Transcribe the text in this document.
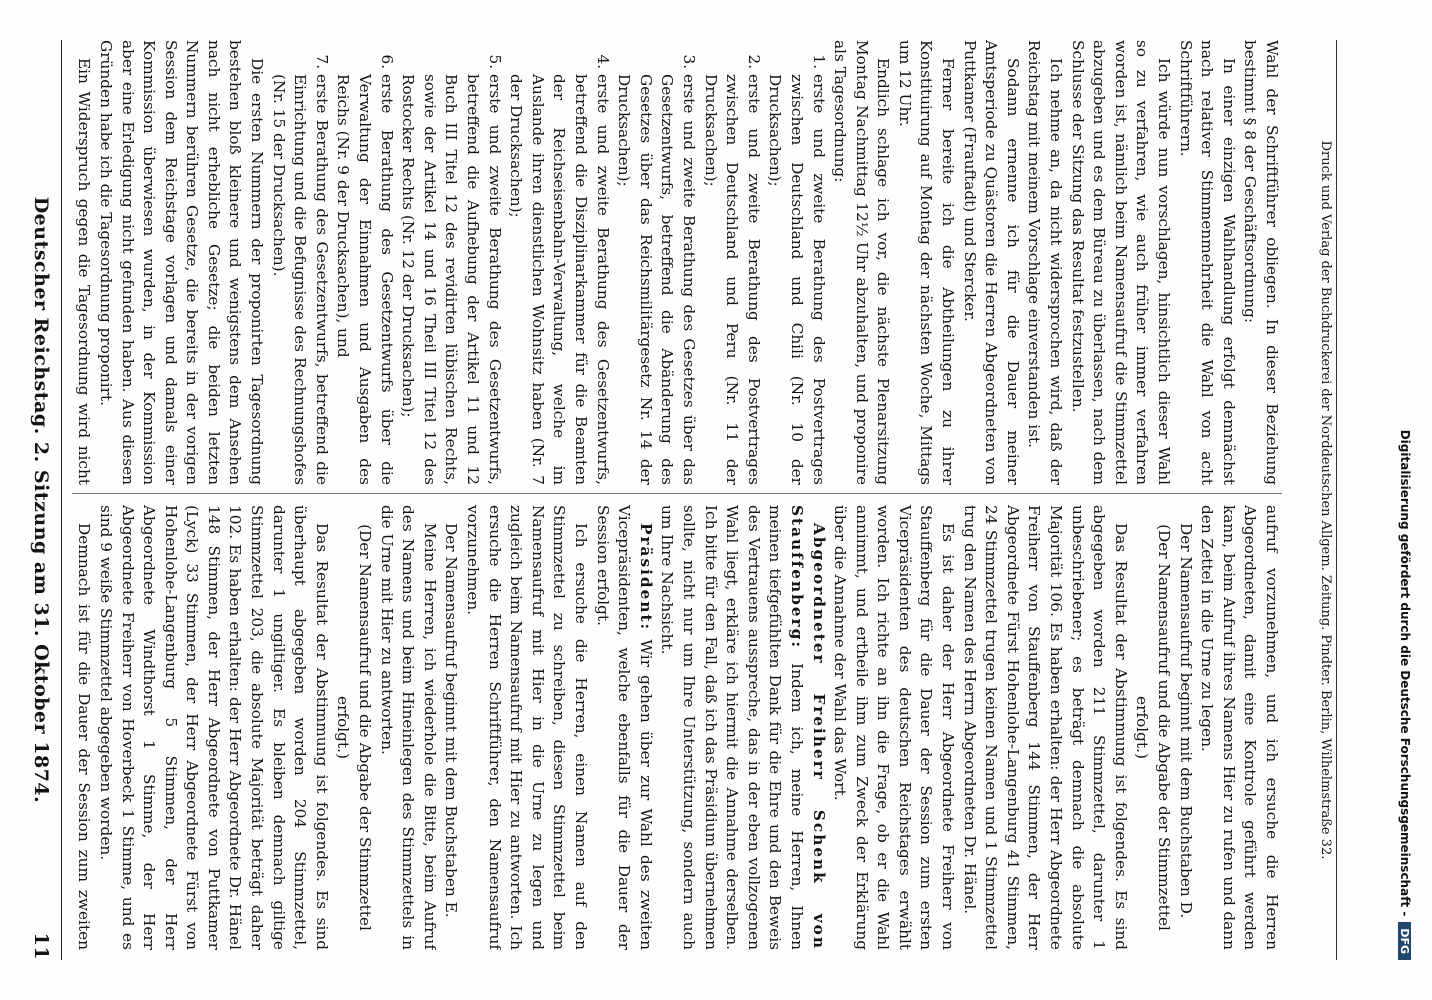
Deutscher Reichstag. 2. Sitzung am 31. Oktober 1874.
11	aufruf vorzunehmen, und ich ersuche die Herren Abgeordneten, damit eine Kontrole geführt werden kann, beim Aufruf ihres Namens Hier zu rufen und dann den Zettel in die Urne zu legen.

Der Namensaufruf beginnt mit dem Buchstaben D.

(Der Namensaufruf und die Abgabe der Stimmzettel erfolgt.)

Das Resultat der Abstimmung ist folgendes. Es sind abgegeben worden 211 Stimmzettel, darunter 1 unbeschriebener; es beträgt demnach die absolute Majorität 106. Es haben erhalten: der Herr Abgeordnete Freiherr von Stauffenberg 144 Stimmen, der Herr Abgeordnete Fürst Hohenlohe-Langenburg 41 Stimmen, 24 Stimmzettel trugen keinen Namen und 1 Stimmzettel trug den Namen des Herrn Abgeordneten Dr. Hänel.

Es ist daher der Herr Abgeordnete Freiherr von Stauffenberg für die Dauer der Session zum ersten Vicepräsidenten des deutschen Reichstages erwählt worden. Ich richte an ihn die Frage, ob er die Wahl annimmt, und ertheile ihm zum Zweck der Erklärung über die Annahme der Wahl das Wort.

Abgeordneter Freiherr Schenk von Stauffenberg: Indem ich, meine Herren, Ihnen meinen tiefgefühlten Dank für die Ehre und den Beweis des Vertrauens ausspreche, das in der eben vollzogenen Wahl liegt, erkläre ich hiermit die Annahme derselben. Ich bitte für den Fall, daß ich das Präsidium übernehmen sollte, nicht nur um Ihre Unterstützung, sondern auch um Ihre Nachsicht.

Präsident: Wir gehen über zur Wahl des zweiten Vicepräsidenten, welche ebenfalls für die Dauer der Session erfolgt.

Ich ersuche die Herren, einen Namen auf den Stimmzettel zu schreiben, diesen Stimmzettel beim Namensaufruf mit Hier in die Urne zu legen und zugleich beim Namensaufruf mit Hier zu antworten. Ich ersuche die Herren Schriftführer, den Namensaufruf vorzunehmen.

Der Namensaufruf beginnt mit dem Buchstaben E.

Meine Herren, ich wiederhole die Bitte, beim Aufruf des Namens und beim Hineinlegen des Stimmzettels in die Urne mit Hier zu antworten.

(Der Namensaufruf und die Abgabe der Stimmzettel erfolgt.)

Das Resultat der Abstimmung ist folgendes. Es sind überhaupt abgegeben worden 204 Stimmzettel, darunter 1 ungiltiger. Es bleiben demnach giltige Stimmzettel 203, die absolute Majorität beträgt daher 102. Es haben erhalten: der Herr Abgeordnete Dr. Hänel 148 Stimmen, der Herr Abgeordnete von Puttkamer (Lyck) 33 Stimmen, der Herr Abgeordnete Fürst von Hohenlohe-Langenburg 5 Stimmen, der Herr Abgeordnete Windthorst 1 Stimme, der Herr Abgeordnete Freiherr von Hoverbeck 1 Stimme, und es sind 9 weiße Stimmzettel abgegeben worden.

Demnach ist für die Dauer der Session zum zweiten

Wahl der Schriftführer obliegen. In dieser Beziehung bestimmt § 8 der Geschäftsordnung:

In einer einzigen Wahlhandlung erfolgt demnächst nach relativer Stimmenmehrheit die Wahl von acht Schriftführern.

Ich würde nun vorschlagen, hinsichtlich dieser Wahl so zu verfahren, wie auch früher immer verfahren worden ist, nämlich beim Namensaufruf die Stimmzettel abzugeben und es dem Büreau zu überlassen, nach dem Schlusse der Sitzung das Resultat festzustellen.

Ich nehme an, da nicht widersprochen wird, daß der Reichstag mit meinem Vorschlage einverstanden ist.

Sodann ernenne ich für die Dauer meiner Amtsperiode zu Quästoren die Herren Abgeordneten von Puttkamer (Frauftadt) und Stercker.

Ferner bereite ich die Abtheilungen zu ihrer Konstituirung auf Montag der nächsten Woche, Mittags um 12 Uhr.

Endlich schlage ich vor, die nächste Plenarsitzung Montag Nachmittag 12½ Uhr abzuhalten, und proponire als Tagesordnung:

1. erste und zweite Berathung des Postvertrages zwischen Deutschland und Chili (Nr. 10 der Drucksachen);
2. erste und zweite Berathung des Postvertrages zwischen Deutschland und Peru (Nr. 11 der Drucksachen);
3. erste und zweite Berathung des Gesetzes über das Gesetzentwurfs, betreffend die Abänderung des Gesetzes über das Reichsmilitärgesetz Nr. 14 der Drucksachen);
4. erste und zweite Berathung des Gesetzentwurfs, betreffend die Disziplinarkammer für die Beamten der Reichseisenbahn-Verwaltung, welche im Auslande ihren dienstlichen Wohnsitz haben (Nr. 7 der Drucksachen);
5. erste und zweite Berathung des Gesetzentwurfs, betreffend die Aufhebung der Artikel 11 und 12 Buch III Titel 12 des revidirten lübischen Rechts, sowie der Artikel 14 und 16 Theil III Titel 12 des Rostocker Rechts (Nr. 12 der Drucksachen);
6. erste Berathung des Gesetzentwurfs über die Verwaltung der Einnahmen und Ausgaben des Reichs (Nr. 9 der Drucksachen), und
7. erste Berathung des Gesetzentwurfs, betreffend die Einrichtung und die Befugnisse des Rechnungshofes (Nr. 15 der Drucksachen).

Die ersten Nummern der proponirten Tagesordnung bestehen bloß kleinere und wenigstens dem Ansehen nach nicht erhebliche Gesetze; die beiden letzten Nummern berühren Gesetze, die bereits in der vorigen Session dem Reichstage vorlagen und damals einer Kommission überwiesen wurden, in der Kommission aber eine Erledigung nicht gefunden haben. Aus diesen Gründen habe ich die Tagesordnung proponirt.

Ein Widerspruch gegen die Tagesordnung wird nicht	Druck und Verlag der Buchdruckerei der Norddeutschen Allgem. Zeitung. Pindter. Berlin, Wilhelmstraße 32.	Digitalisierung gefördert durch die Deutsche Forschungsgemeinschaft -DFG
